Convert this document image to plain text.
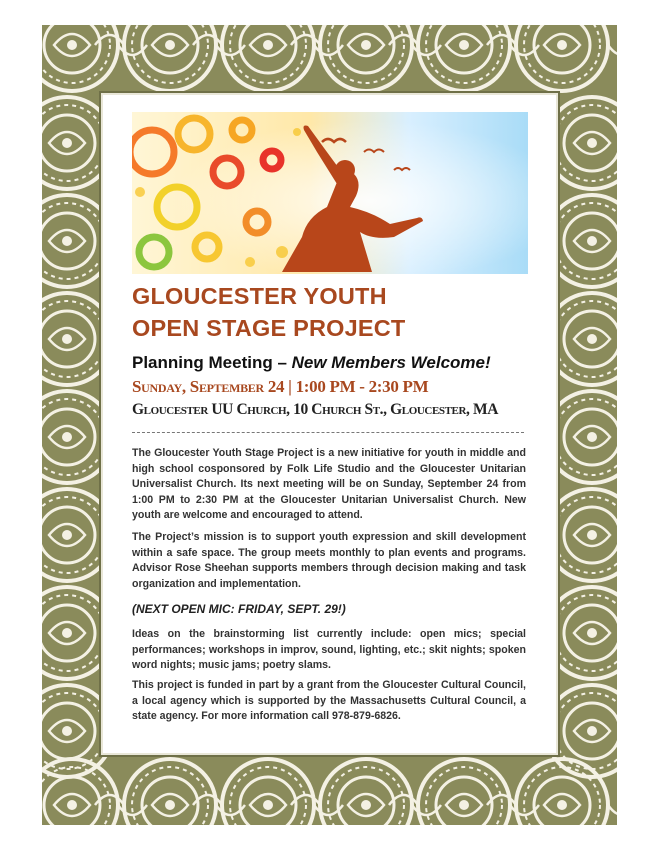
GLOUCESTER YOUTH
OPEN STAGE PROJECT
Planning Meeting – New Members Welcome!
Sunday, September 24 | 1:00 PM - 2:30 PM
Gloucester UU Church, 10 Church St., Gloucester, MA

The Gloucester Youth Stage Project is a new initiative for youth in middle and high school cosponsored by Folk Life Studio and the Gloucester Unitarian Universalist Church. Its next meeting will be on Sunday, September 24 from 1:00 PM to 2:30 PM at the Gloucester Unitarian Universalist Church. New youth are welcome and encouraged to attend.

The Project’s mission is to support youth expression and skill development within a safe space. The group meets monthly to plan events and programs. Advisor Rose Sheehan supports members through decision making and task organization and implementation.

(NEXT OPEN MIC: FRIDAY, SEPT. 29!)

Ideas on the brainstorming list currently include: open mics; special performances; workshops in improv, sound, lighting, etc.; skit nights; spoken word nights; music jams; poetry slams.

This project is funded in part by a grant from the Gloucester Cultural Council, a local agency which is supported by the Massachusetts Cultural Council, a state agency. For more information call 978-879-6826.
